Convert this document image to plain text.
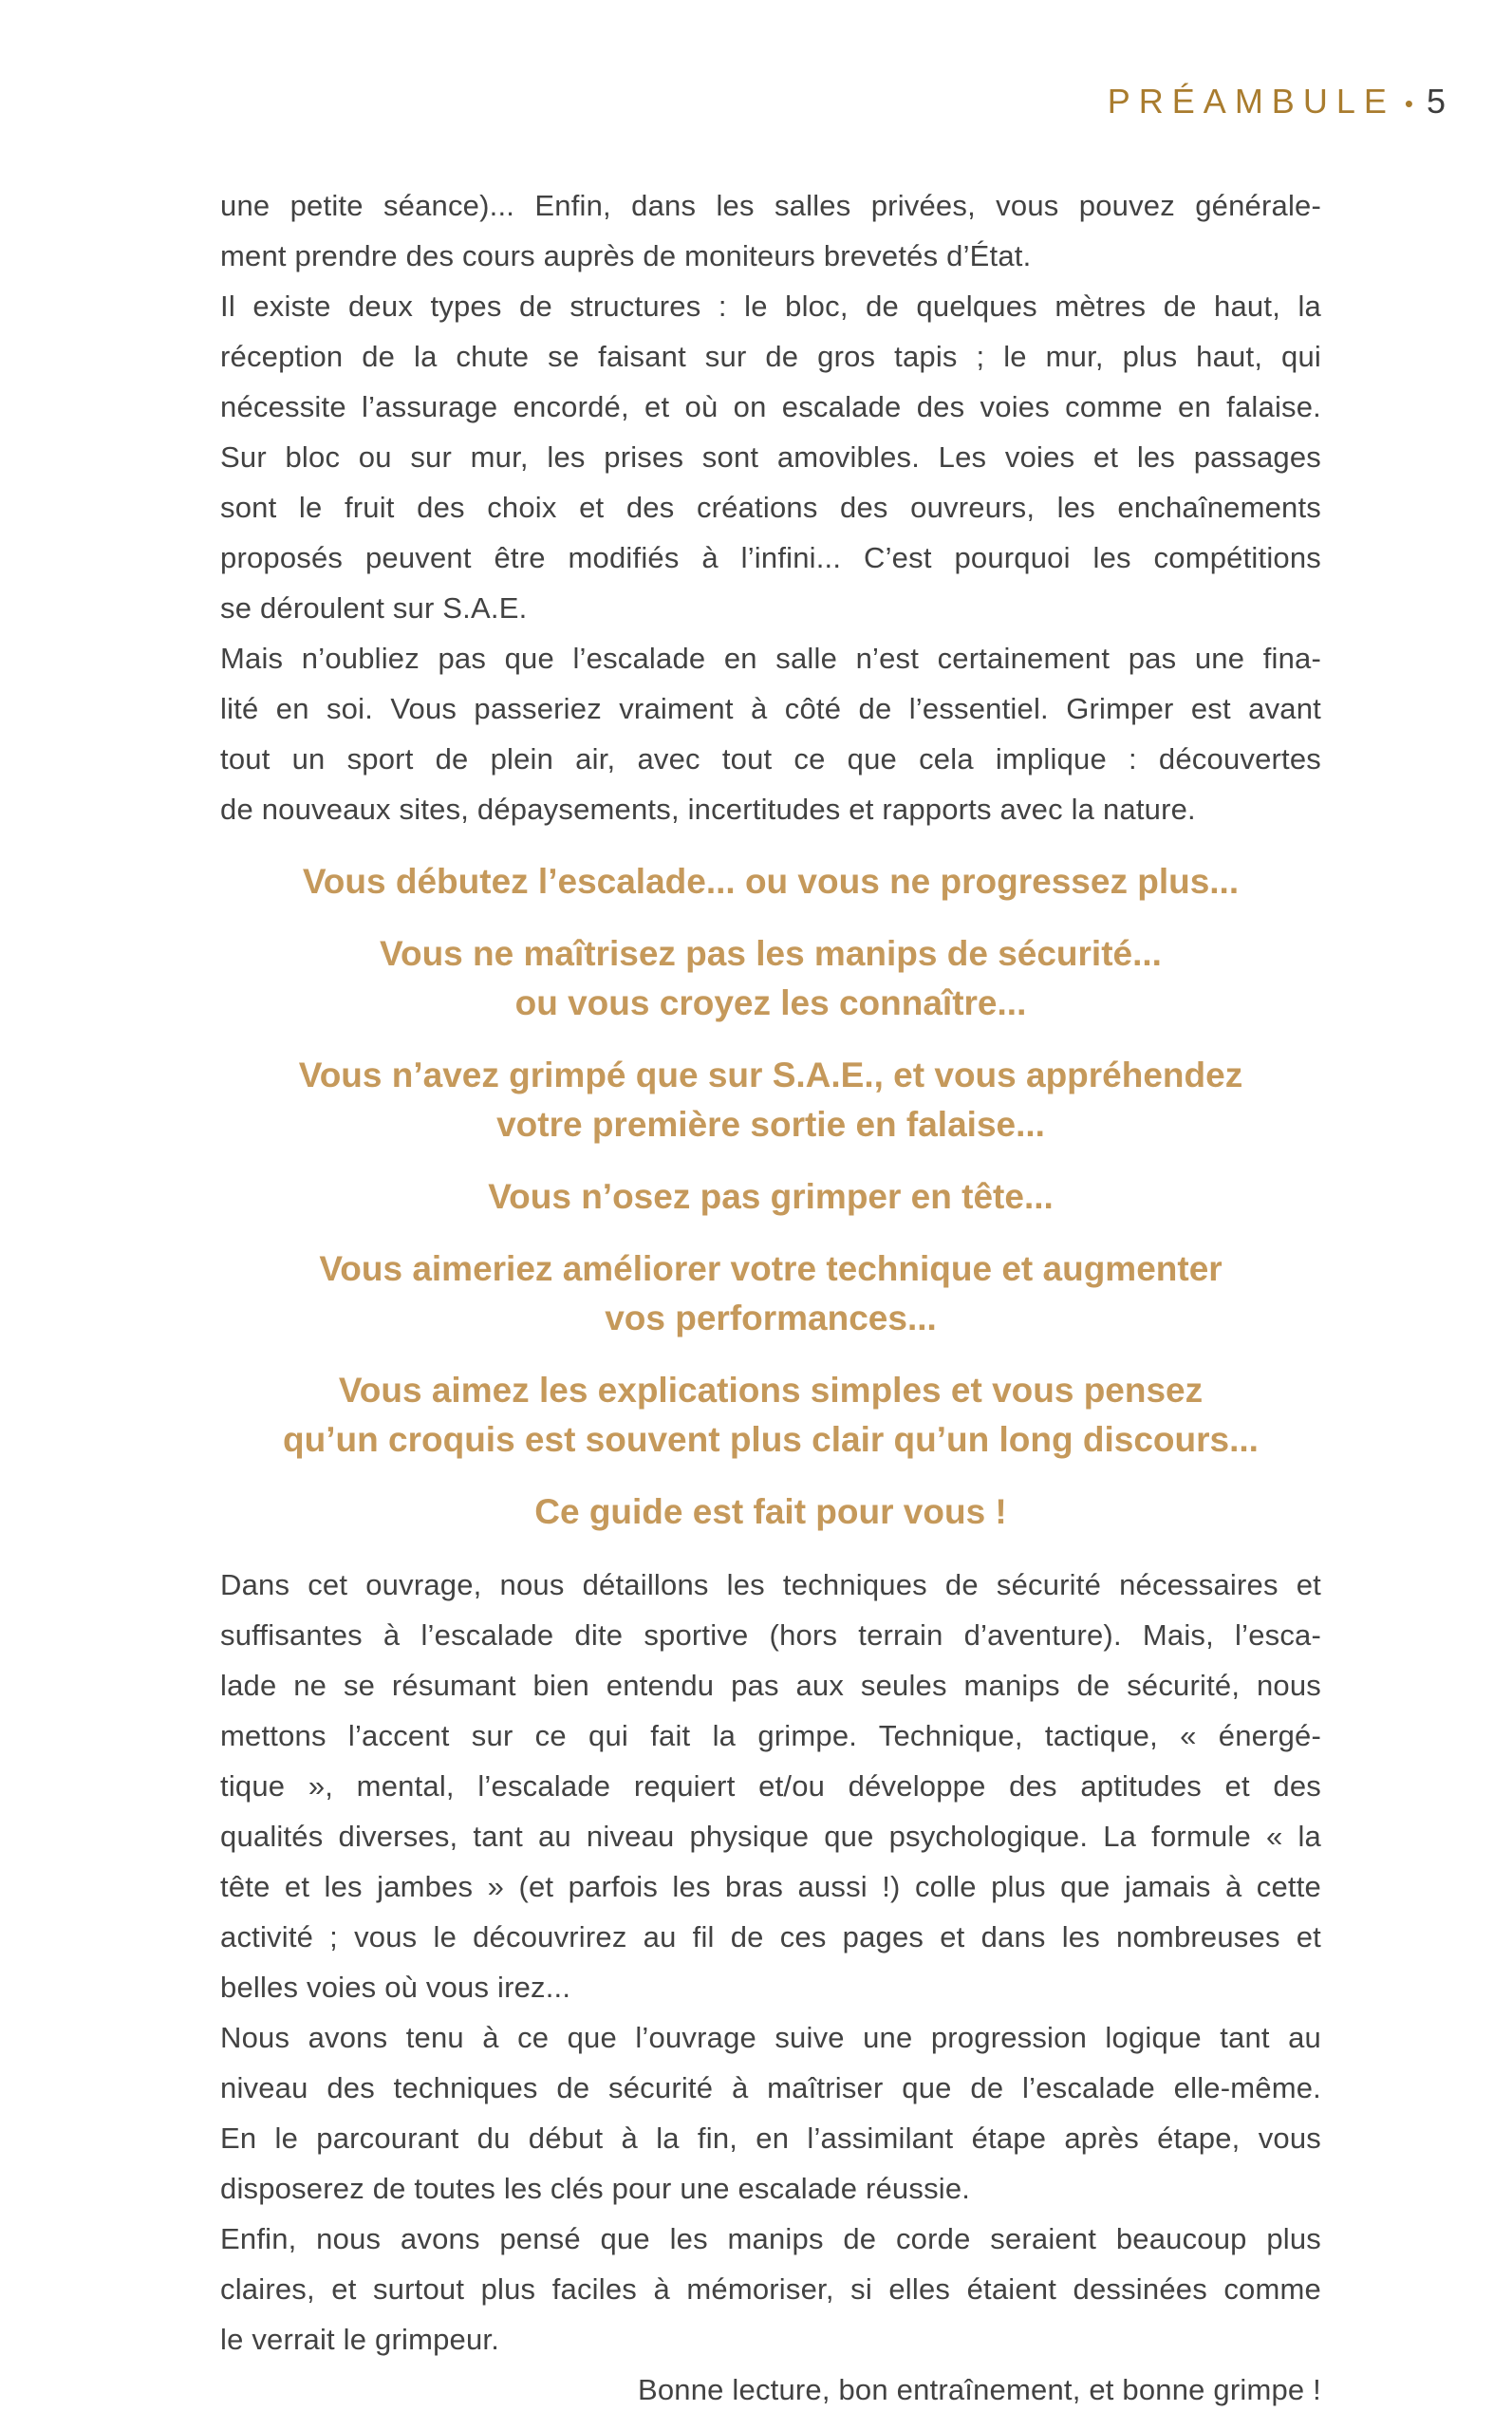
PRÉAMBULE • 5
une petite séance)... Enfin, dans les salles privées, vous pouvez générale-
ment prendre des cours auprès de moniteurs brevetés d’État.
Il existe deux types de structures : le bloc, de quelques mètres de haut, la
réception de la chute se faisant sur de gros tapis ; le mur, plus haut, qui
nécessite l’assurage encordé, et où on escalade des voies comme en falaise.
Sur bloc ou sur mur, les prises sont amovibles. Les voies et les passages
sont le fruit des choix et des créations des ouvreurs, les enchaînements
proposés peuvent être modifiés à l’infini... C’est pourquoi les compétitions
se déroulent sur S.A.E.
Mais n’oubliez pas que l’escalade en salle n’est certainement pas une fina-
lité en soi. Vous passeriez vraiment à côté de l’essentiel. Grimper est avant
tout un sport de plein air, avec tout ce que cela implique : découvertes
de nouveaux sites, dépaysements, incertitudes et rapports avec la nature.
Vous débutez l’escalade... ou vous ne progressez plus...
Vous ne maîtrisez pas les manips de sécurité...
ou vous croyez les connaître...
Vous n’avez grimpé que sur S.A.E., et vous appréhendez
votre première sortie en falaise...
Vous n’osez pas grimper en tête...
Vous aimeriez améliorer votre technique et augmenter
vos performances...
Vous aimez les explications simples et vous pensez
qu’un croquis est souvent plus clair qu’un long discours...
Ce guide est fait pour vous !
Dans cet ouvrage, nous détaillons les techniques de sécurité nécessaires et
suffisantes à l’escalade dite sportive (hors terrain d’aventure). Mais, l’esca-
lade ne se résumant bien entendu pas aux seules manips de sécurité, nous
mettons l’accent sur ce qui fait la grimpe. Technique, tactique, « énergé-
tique », mental, l’escalade requiert et/ou développe des aptitudes et des
qualités diverses, tant au niveau physique que psychologique. La formule « la
tête et les jambes » (et parfois les bras aussi !) colle plus que jamais à cette
activité ; vous le découvrirez au fil de ces pages et dans les nombreuses et
belles voies où vous irez...
Nous avons tenu à ce que l’ouvrage suive une progression logique tant au
niveau des techniques de sécurité à maîtriser que de l’escalade elle-même.
En le parcourant du début à la fin, en l’assimilant étape après étape, vous
disposerez de toutes les clés pour une escalade réussie.
Enfin, nous avons pensé que les manips de corde seraient beaucoup plus
claires, et surtout plus faciles à mémoriser, si elles étaient dessinées comme
le verrait le grimpeur.
Bonne lecture, bon entraînement, et bonne grimpe !
